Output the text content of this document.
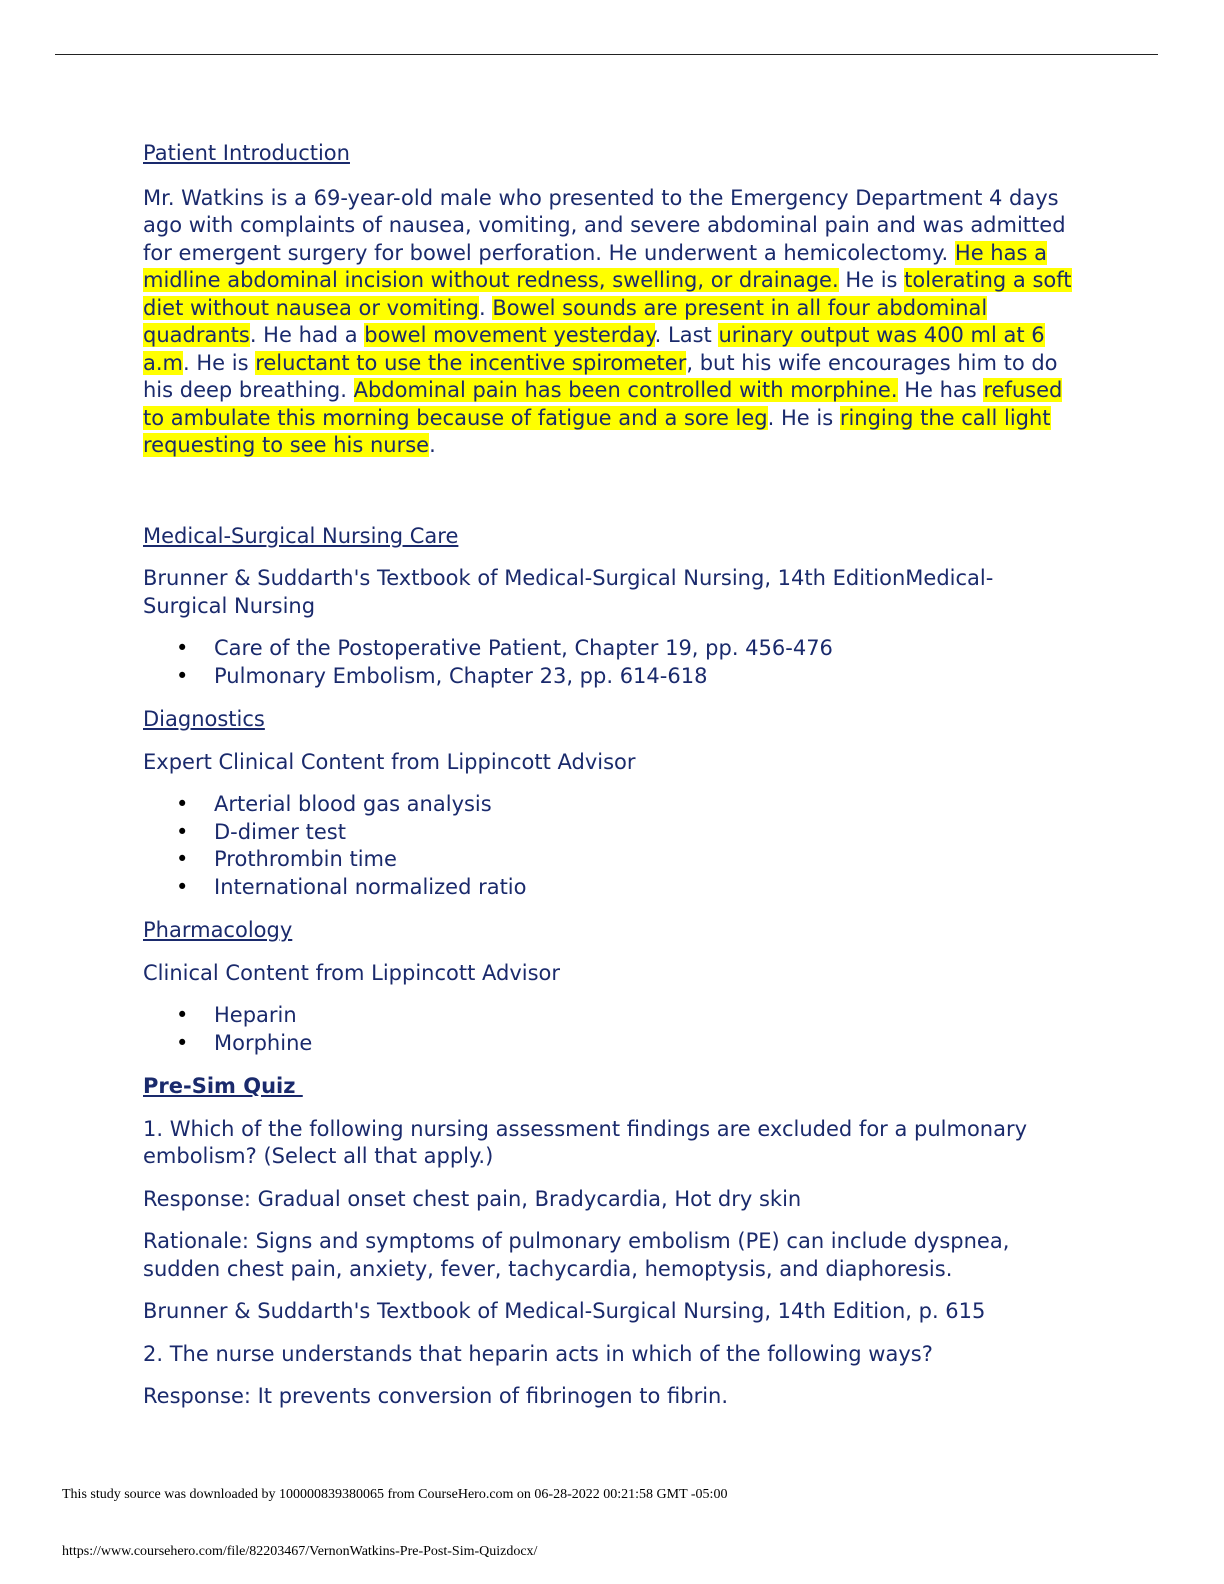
Patient Introduction

Mr. Watkins is a 69-year-old male who presented to the Emergency Department 4 days ago with complaints of nausea, vomiting, and severe abdominal pain and was admitted for emergent surgery for bowel perforation. He underwent a hemicolectomy. He has a midline abdominal incision without redness, swelling, or drainage. He is tolerating a soft diet without nausea or vomiting. Bowel sounds are present in all four abdominal quadrants. He had a bowel movement yesterday. Last urinary output was 400 ml at 6 a.m. He is reluctant to use the incentive spirometer, but his wife encourages him to do his deep breathing. Abdominal pain has been controlled with morphine. He has refused to ambulate this morning because of fatigue and a sore leg. He is ringing the call light requesting to see his nurse.

Medical-Surgical Nursing Care

Brunner & Suddarth's Textbook of Medical-Surgical Nursing, 14th EditionMedical-Surgical Nursing

• Care of the Postoperative Patient, Chapter 19, pp. 456-476
• Pulmonary Embolism, Chapter 23, pp. 614-618

Diagnostics

Expert Clinical Content from Lippincott Advisor

• Arterial blood gas analysis
• D-dimer test
• Prothrombin time
• International normalized ratio

Pharmacology

Clinical Content from Lippincott Advisor

• Heparin
• Morphine

Pre-Sim Quiz

1. Which of the following nursing assessment findings are excluded for a pulmonary embolism? (Select all that apply.)

Response: Gradual onset chest pain, Bradycardia, Hot dry skin

Rationale: Signs and symptoms of pulmonary embolism (PE) can include dyspnea, sudden chest pain, anxiety, fever, tachycardia, hemoptysis, and diaphoresis.

Brunner & Suddarth's Textbook of Medical-Surgical Nursing, 14th Edition, p. 615

2. The nurse understands that heparin acts in which of the following ways?

Response: It prevents conversion of fibrinogen to fibrin.

This study source was downloaded by 100000839380065 from CourseHero.com on 06-28-2022 00:21:58 GMT -05:00
https://www.coursehero.com/file/82203467/VernonWatkins-Pre-Post-Sim-Quizdocx/
